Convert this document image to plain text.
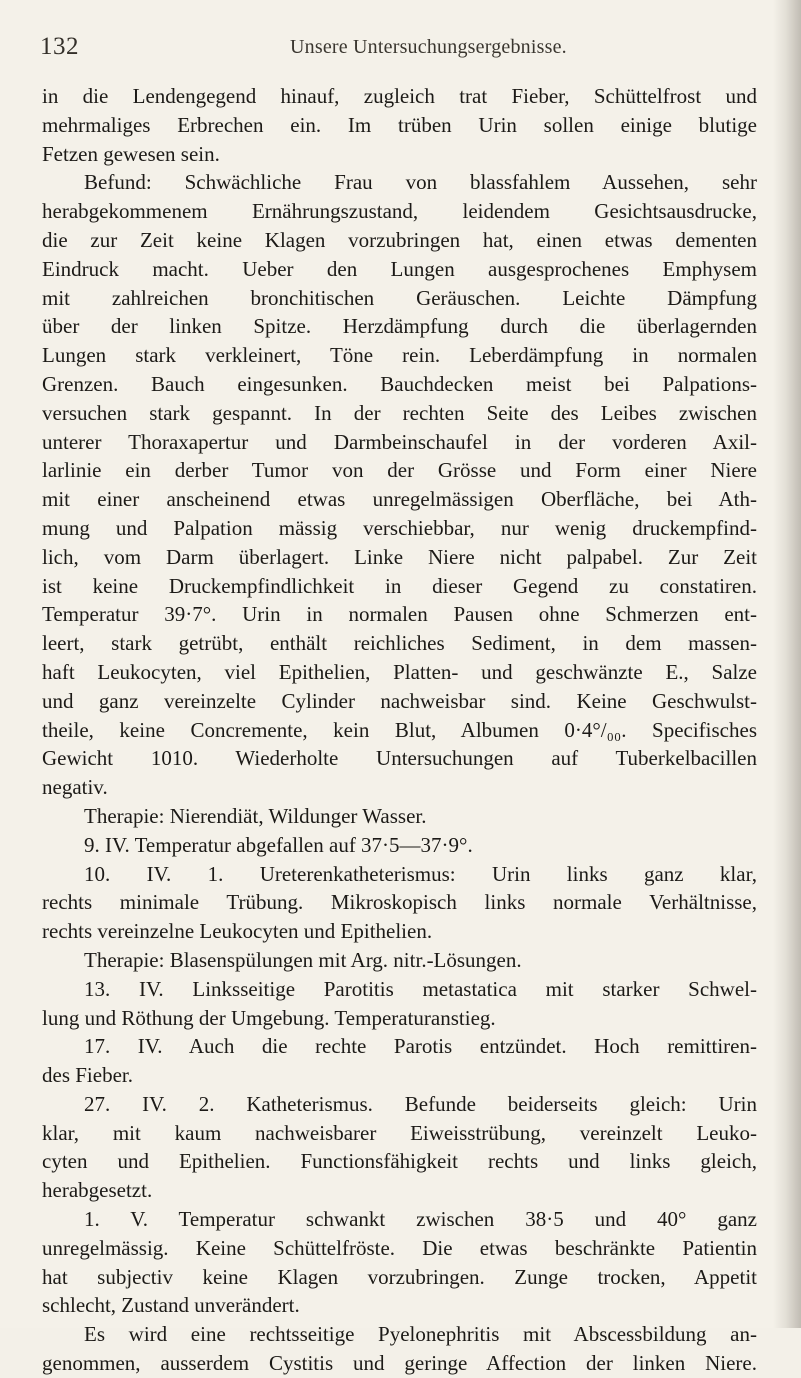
132	Unsere Untersuchungsergebnisse.
in die Lendengegend hinauf, zugleich trat Fieber, Schüttelfrost und
mehrmaliges Erbrechen ein. Im trüben Urin sollen einige blutige
Fetzen gewesen sein.
Befund: Schwächliche Frau von blassfahlem Aussehen, sehr
herabgekommenem Ernährungszustand, leidendem Gesichtsausdrucke,
die zur Zeit keine Klagen vorzubringen hat, einen etwas dementen
Eindruck macht. Ueber den Lungen ausgesprochenes Emphysem
mit zahlreichen bronchitischen Geräuschen. Leichte Dämpfung
über der linken Spitze. Herzdämpfung durch die überlagernden
Lungen stark verkleinert, Töne rein. Leberdämpfung in normalen
Grenzen. Bauch eingesunken. Bauchdecken meist bei Palpations-
versuchen stark gespannt. In der rechten Seite des Leibes zwischen
unterer Thoraxapertur und Darmbeinschaufel in der vorderen Axil-
larlinie ein derber Tumor von der Grösse und Form einer Niere
mit einer anscheinend etwas unregelmässigen Oberfläche, bei Ath-
mung und Palpation mässig verschiebbar, nur wenig druckempfind-
lich, vom Darm überlagert. Linke Niere nicht palpabel. Zur Zeit
ist keine Druckempfindlichkeit in dieser Gegend zu constatiren.
Temperatur 39·7°. Urin in normalen Pausen ohne Schmerzen ent-
leert, stark getrübt, enthält reichliches Sediment, in dem massen-
haft Leukocyten, viel Epithelien, Platten- und geschwänzte E., Salze
und ganz vereinzelte Cylinder nachweisbar sind. Keine Geschwulst-
theile, keine Concremente, kein Blut, Albumen 0·4°/₀₀. Specifisches
Gewicht 1010. Wiederholte Untersuchungen auf Tuberkelbacillen
negativ.
Therapie: Nierendiät, Wildunger Wasser.
9. IV. Temperatur abgefallen auf 37·5—37·9°.
10. IV. 1. Ureterenkatheterismus: Urin links ganz klar,
rechts minimale Trübung. Mikroskopisch links normale Verhältnisse,
rechts vereinzelne Leukocyten und Epithelien.
Therapie: Blasenspülungen mit Arg. nitr.-Lösungen.
13. IV. Linksseitige Parotitis metastatica mit starker Schwel-
lung und Röthung der Umgebung. Temperaturanstieg.
17. IV. Auch die rechte Parotis entzündet. Hoch remittiren-
des Fieber.
27. IV. 2. Katheterismus. Befunde beiderseits gleich: Urin
klar, mit kaum nachweisbarer Eiweisstrübung, vereinzelt Leuko-
cyten und Epithelien. Functionsfähigkeit rechts und links gleich,
herabgesetzt.
1. V. Temperatur schwankt zwischen 38·5 und 40° ganz
unregelmässig. Keine Schüttelfröste. Die etwas beschränkte Patientin
hat subjectiv keine Klagen vorzubringen. Zunge trocken, Appetit
schlecht, Zustand unverändert.
Es wird eine rechtsseitige Pyelonephritis mit Abscessbildung an-
genommen, ausserdem Cystitis und geringe Affection der linken Niere.
